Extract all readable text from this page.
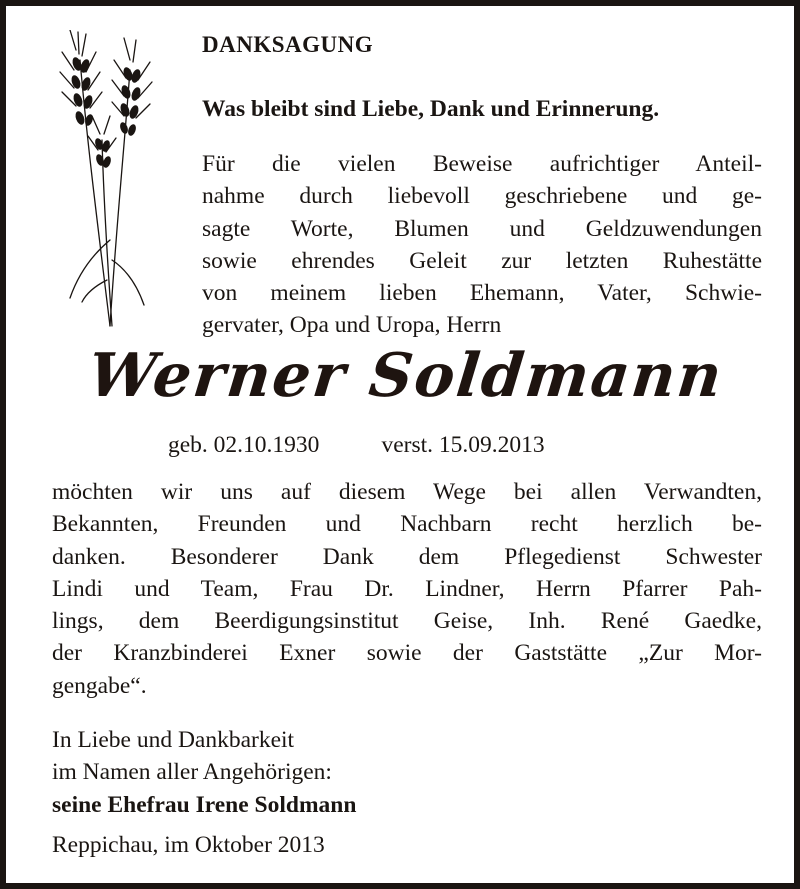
DANKSAGUNG
Was bleibt sind Liebe, Dank und Erinnerung.
Für die vielen Beweise aufrichtiger Anteil-
nahme durch liebevoll geschriebene und ge-
sagte Worte, Blumen und Geldzuwendungen
sowie ehrendes Geleit zur letzten Ruhestätte
von meinem lieben Ehemann, Vater, Schwie-
gervater, Opa und Uropa, Herrn
Werner Soldmann
geb. 02.10.1930	verst. 15.09.2013
möchten wir uns auf diesem Wege bei allen Verwandten,
Bekannten, Freunden und Nachbarn recht herzlich be-
danken. Besonderer Dank dem Pflegedienst Schwester
Lindi und Team, Frau Dr. Lindner, Herrn Pfarrer Pah-
lings, dem Beerdigungsinstitut Geise, Inh. René Gaedke,
der Kranzbinderei Exner sowie der Gaststätte „Zur Mor-
gengabe“.
In Liebe und Dankbarkeit
im Namen aller Angehörigen:
seine Ehefrau Irene Soldmann
Reppichau, im Oktober 2013
